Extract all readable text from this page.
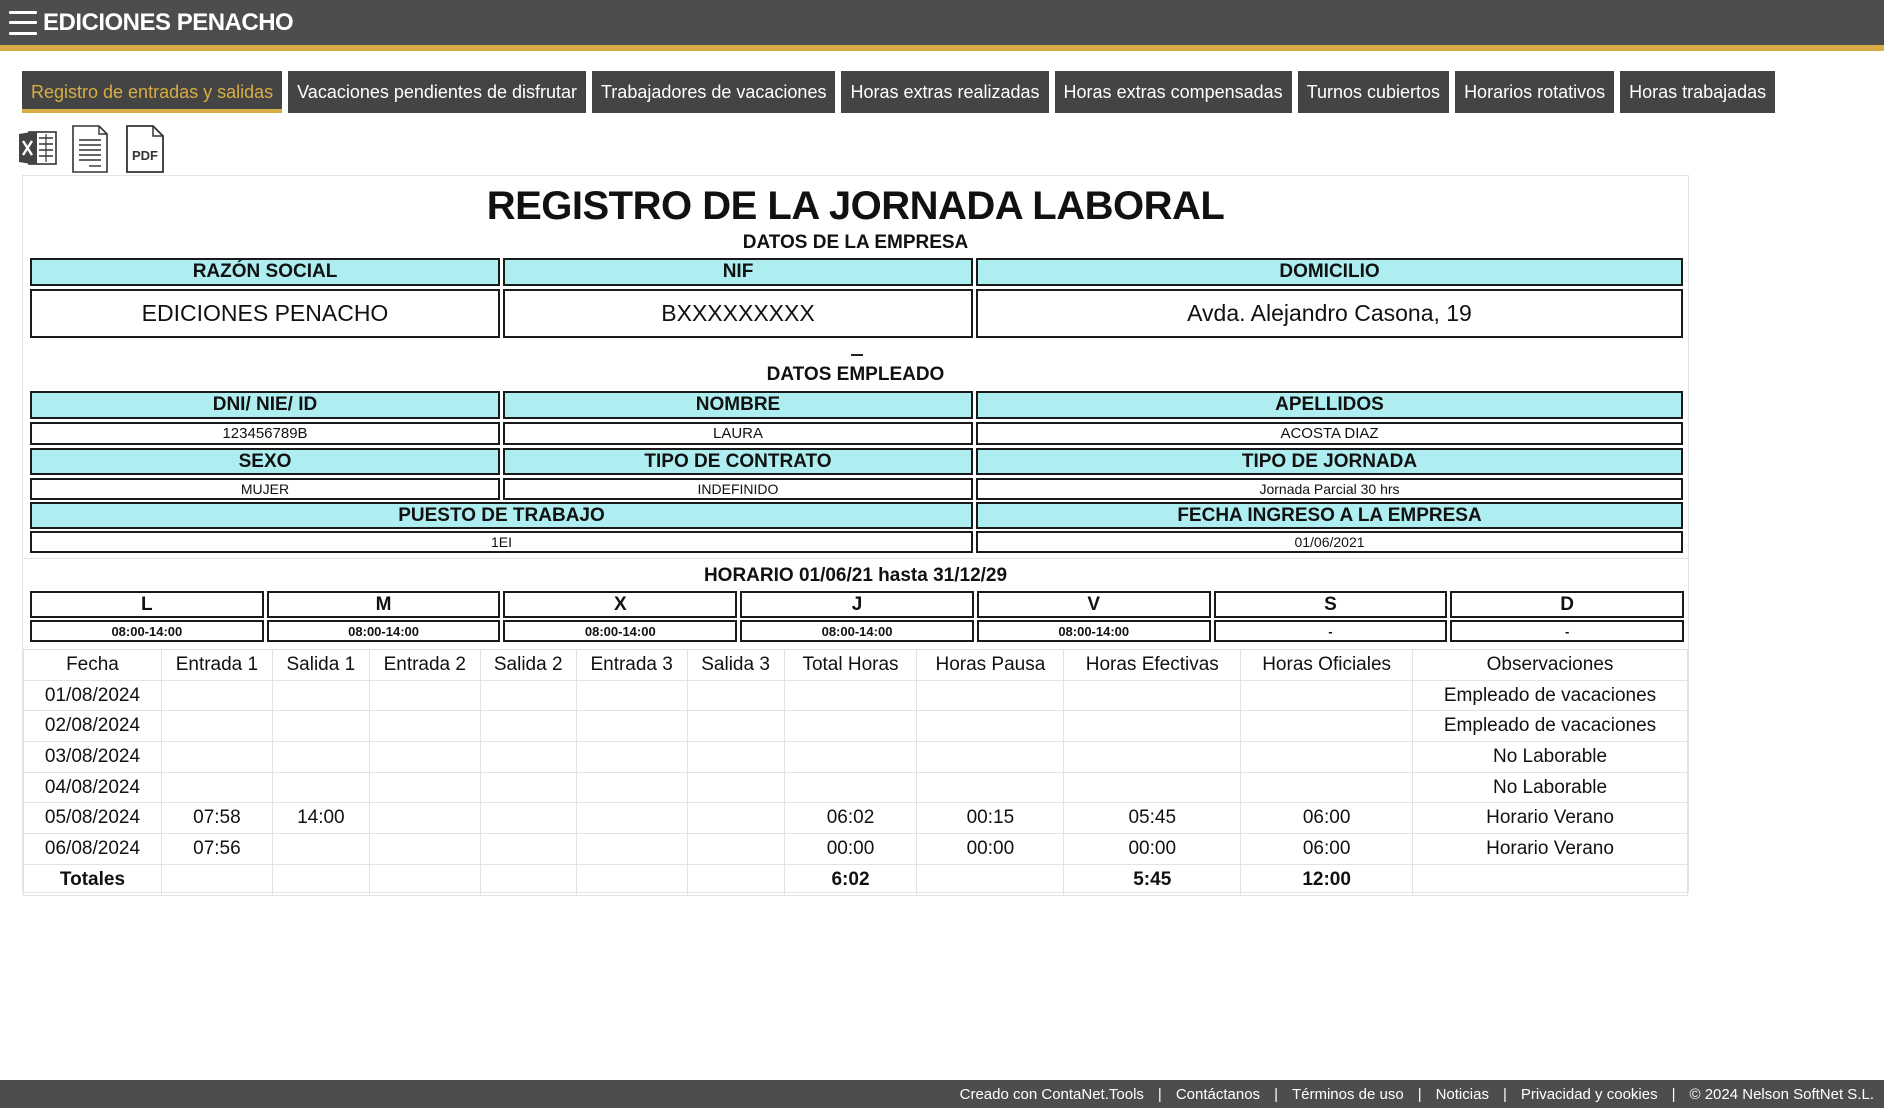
EDICIONES PENACHO
Registro de entradas y salidas	Vacaciones pendientes de disfrutar	Trabajadores de vacaciones	Horas extras realizadas	Horas extras compensadas	Turnos cubiertos	Horarios rotativos	Horas trabajadas
PDF
REGISTRO DE LA JORNADA LABORAL
DATOS DE LA EMPRESA
RAZÓN SOCIAL	NIF	DOMICILIO
EDICIONES PENACHO	BXXXXXXXXX	Avda. Alejandro Casona, 19
DATOS EMPLEADO
DNI/ NIE/ ID	NOMBRE	APELLIDOS
123456789B	LAURA	ACOSTA DIAZ
SEXO	TIPO DE CONTRATO	TIPO DE JORNADA
MUJER	INDEFINIDO	Jornada Parcial 30 hrs
PUESTO DE TRABAJO	FECHA INGRESO A LA EMPRESA
1EI	01/06/2021
HORARIO 01/06/21 hasta 31/12/29
L	M	X	J	V	S	D
08:00-14:00	08:00-14:00	08:00-14:00	08:00-14:00	08:00-14:00	-	-
Fecha	Entrada 1	Salida 1	Entrada 2	Salida 2	Entrada 3	Salida 3	Total Horas	Horas Pausa	Horas Efectivas	Horas Oficiales	Observaciones
01/08/2024											Empleado de vacaciones
02/08/2024											Empleado de vacaciones
03/08/2024											No Laborable
04/08/2024											No Laborable
05/08/2024	07:58	14:00					06:02	00:15	05:45	06:00	Horario Verano
06/08/2024	07:56						00:00	00:00	00:00	06:00	Horario Verano
Totales							6:02		5:45	12:00	
Creado con ContaNet.Tools | Contáctanos | Términos de uso | Noticias | Privacidad y cookies | © 2024 Nelson SoftNet S.L.
